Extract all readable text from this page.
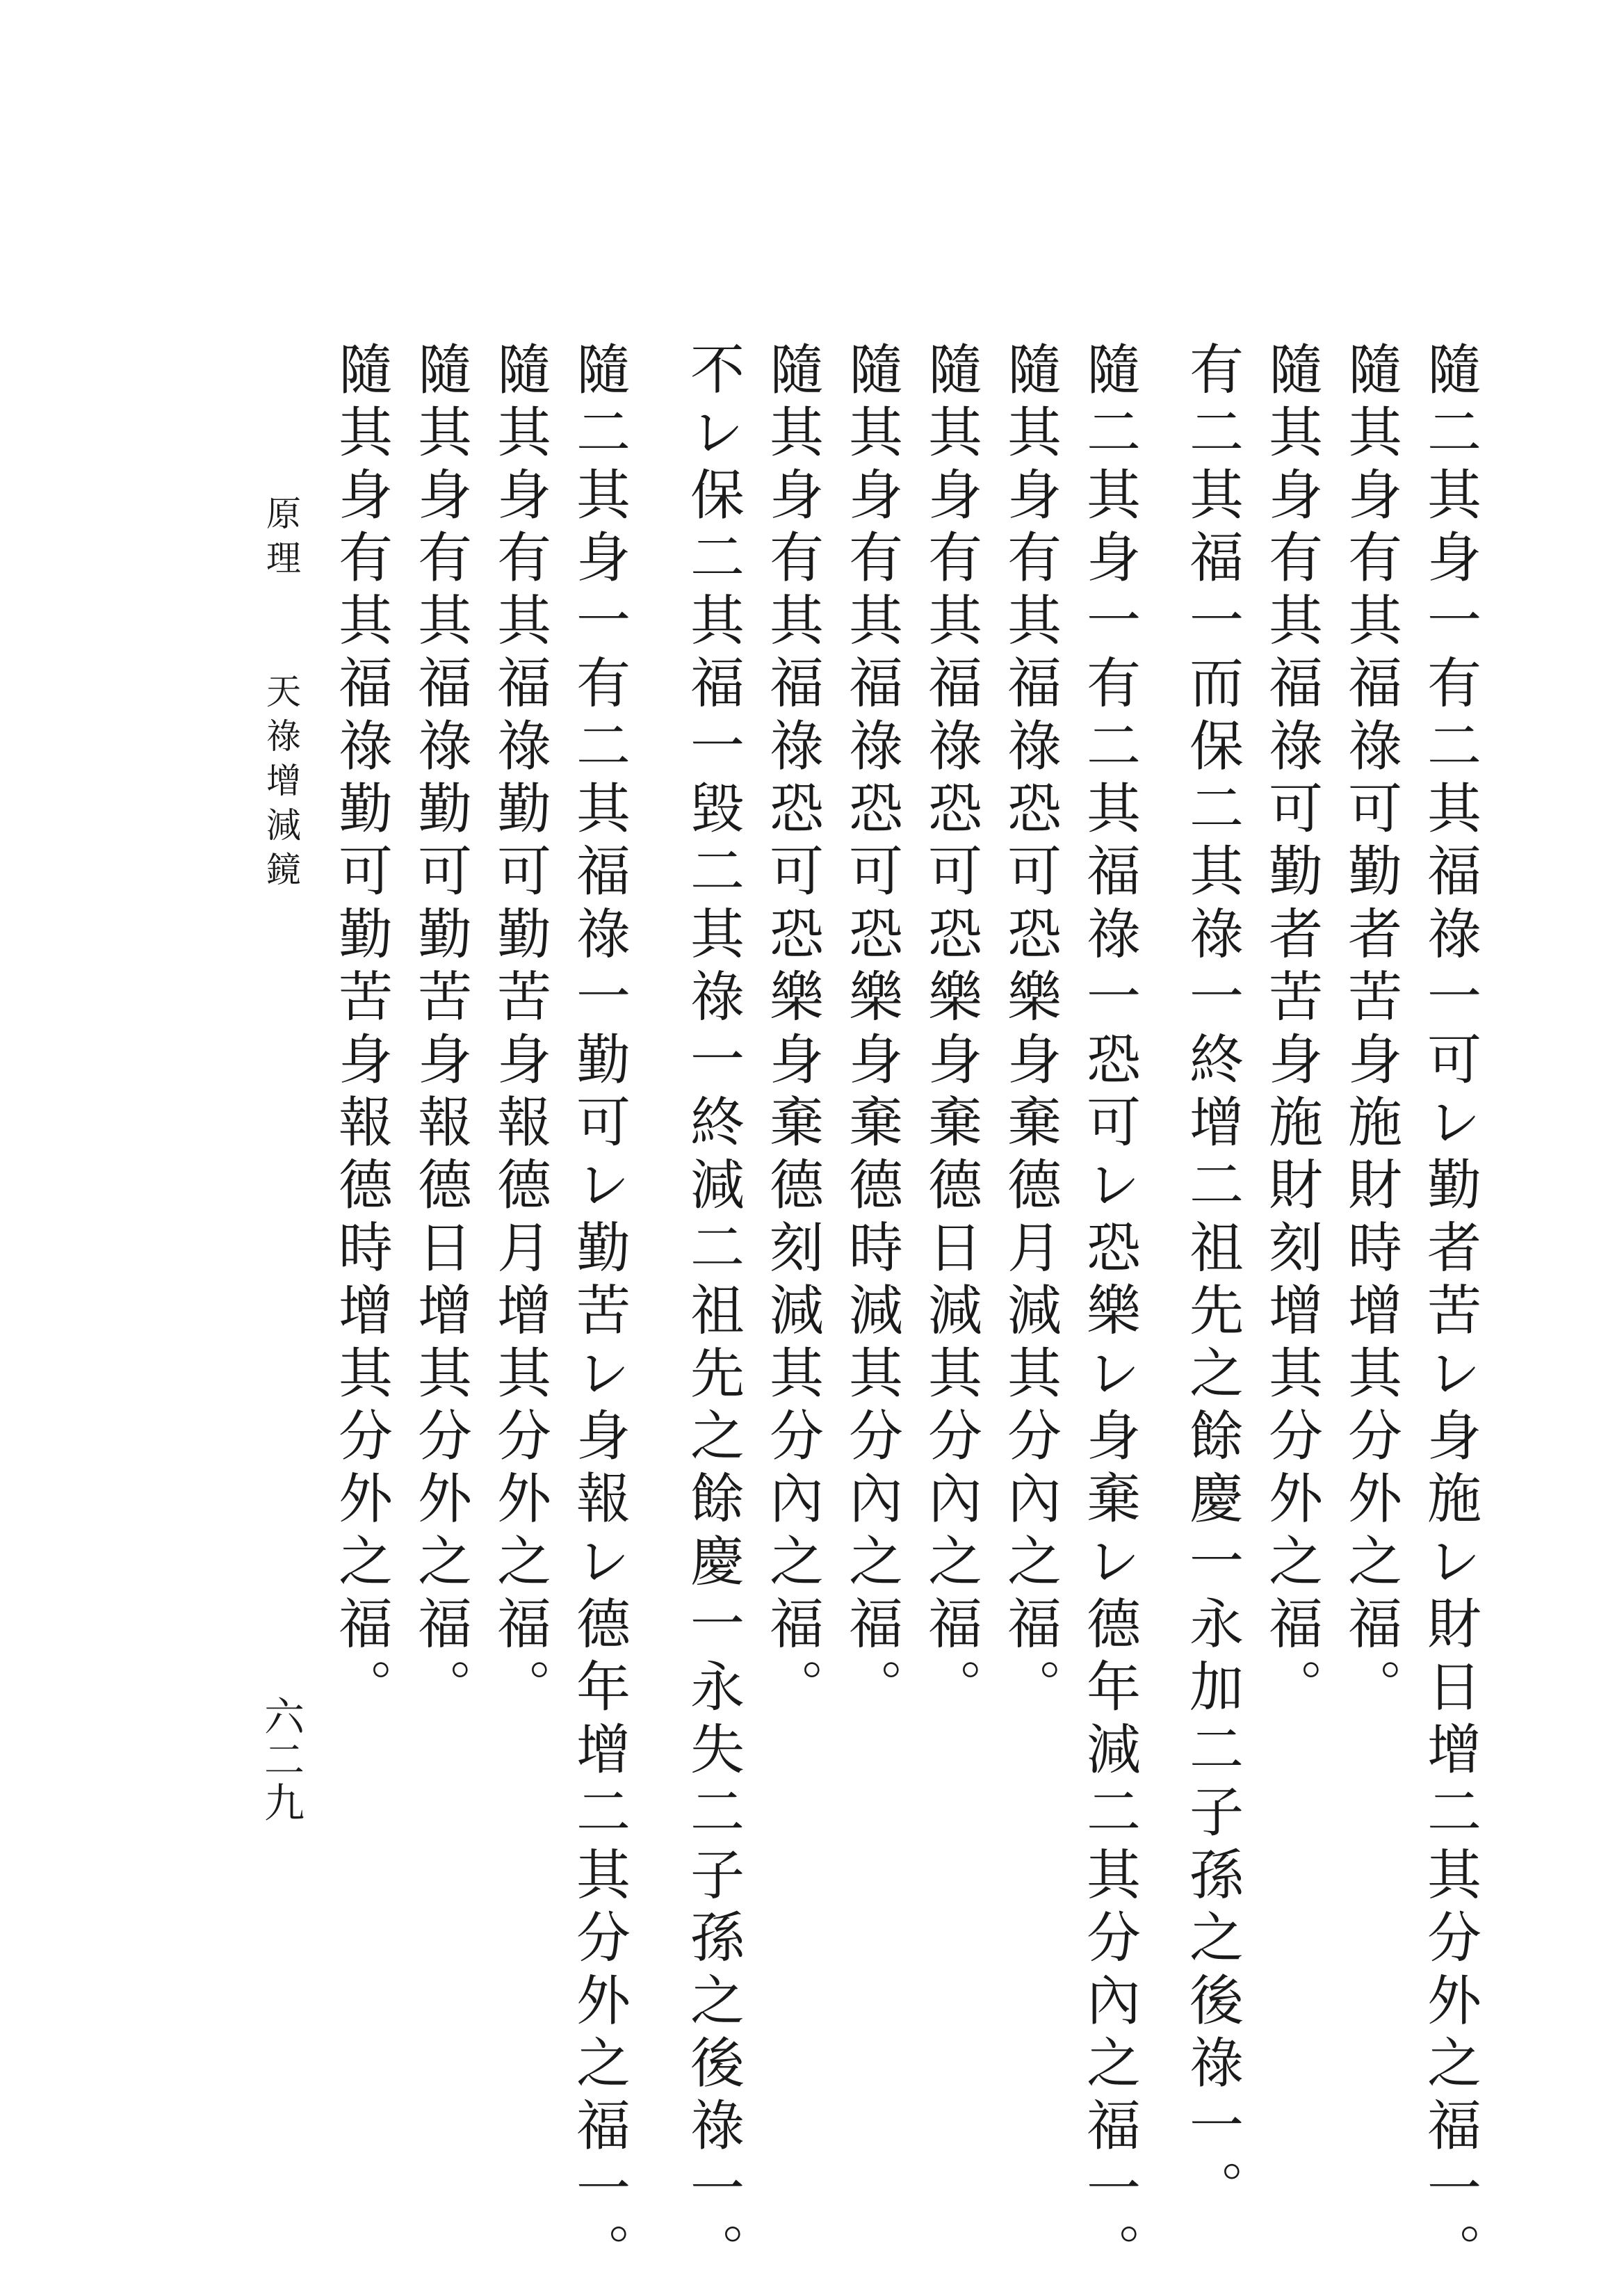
隨二其身一有二其福祿一可レ勤者苦レ身施レ財日增二其分外之福一。
隨其身有其福祿可勤者苦身施財時增其分外之福。
隨其身有其福祿可勤者苦身施財刻增其分外之福。
有二其福一而保二其祿一終增二祖先之餘慶一永加二子孫之後祿一。
隨二其身一有二其福祿一恐可レ恐樂レ身棄レ德年減二其分內之福一。
隨其身有其福祿恐可恐樂身棄德月減其分內之福。
隨其身有其福祿恐可恐樂身棄德日減其分內之福。
隨其身有其福祿恐可恐樂身棄德時減其分內之福。
隨其身有其福祿恐可恐樂身棄德刻減其分內之福。
不レ保二其福一毀二其祿一終減二祖先之餘慶一永失二子孫之後祿一。
隨二其身一有二其福祿一勤可レ勤苦レ身報レ德年增二其分外之福一。
隨其身有其福祿勤可勤苦身報德月增其分外之福。
隨其身有其福祿勤可勤苦身報德日增其分外之福。
隨其身有其福祿勤可勤苦身報德時增其分外之福。
原理　　天祿增減鏡
六二九
